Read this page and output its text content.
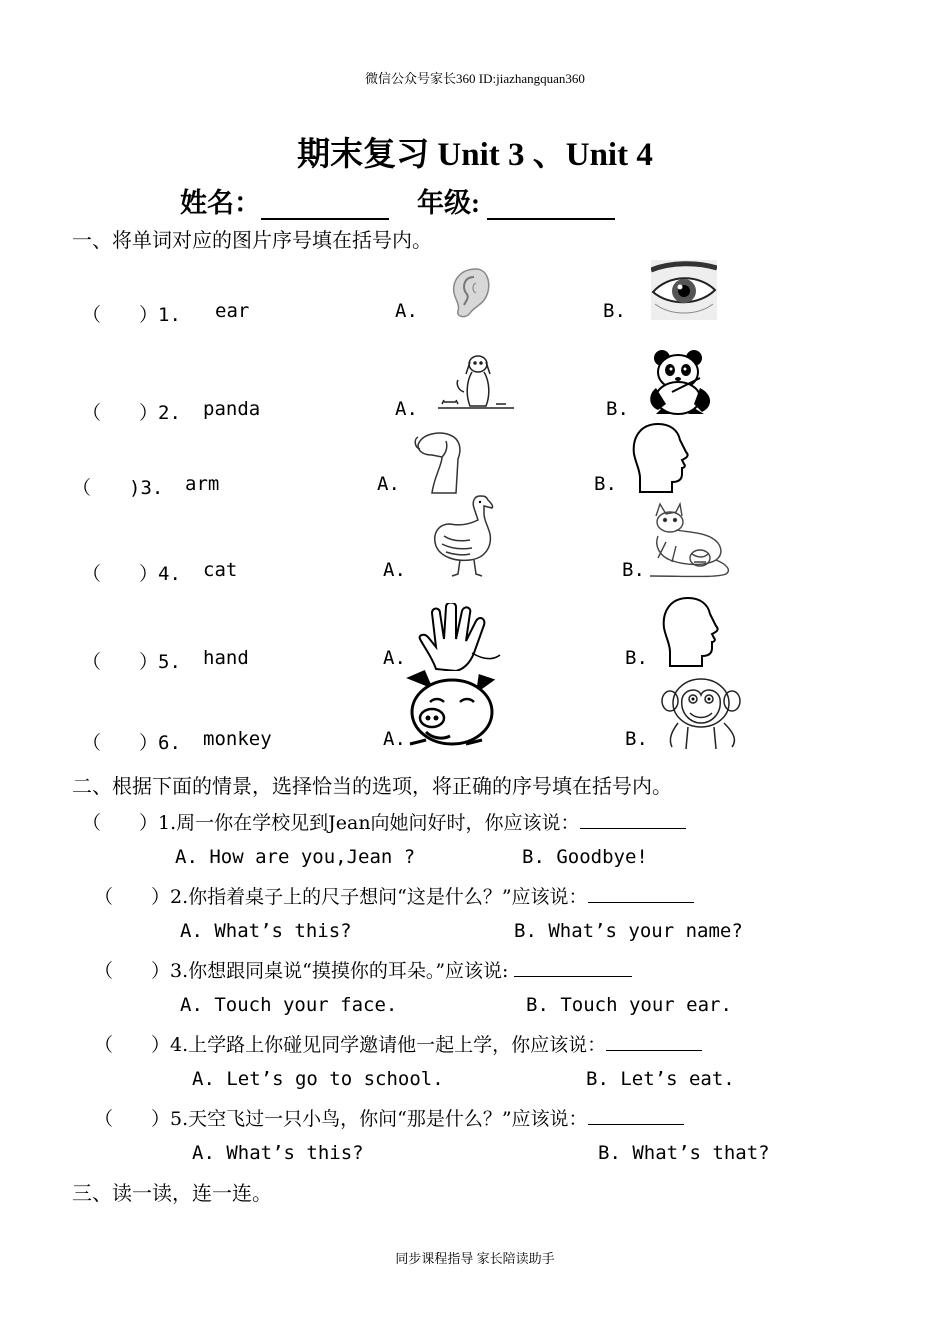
微信公众号家长360 ID:jiazhangquan360
期末复习 Unit 3 、Unit 4
姓名：	年级:
一、将单词对应的图片序号填在括号内。
（　　）1. ear	A.	B.
（　　）2. panda	A.	B.
（　　)3. arm	A.	B.
（　　）4. cat	A.	B.
（　　）5. hand	A.	B.
（　　）6. monkey	A.	B.
二、根据下面的情景，选择恰当的选项，将正确的序号填在括号内。
（　　）1.周一你在学校见到Jean向她问好时，你应该说：
A. How are you,Jean ?	B. Goodbye!
（　　）2.你指着桌子上的尺子想问“这是什么？”应该说：
A. What’s this?	B. What’s your name?
（　　）3.你想跟同桌说“摸摸你的耳朵。”应该说:
A. Touch your face.	B. Touch your ear.
（　　）4.上学路上你碰见同学邀请他一起上学，你应该说：
A. Let’s go to school.	B. Let’s eat.
（　　）5.天空飞过一只小鸟，你问“那是什么？”应该说：
A. What’s this?	B. What’s that?
三、读一读，连一连。
同步课程指导 家长陪读助手
